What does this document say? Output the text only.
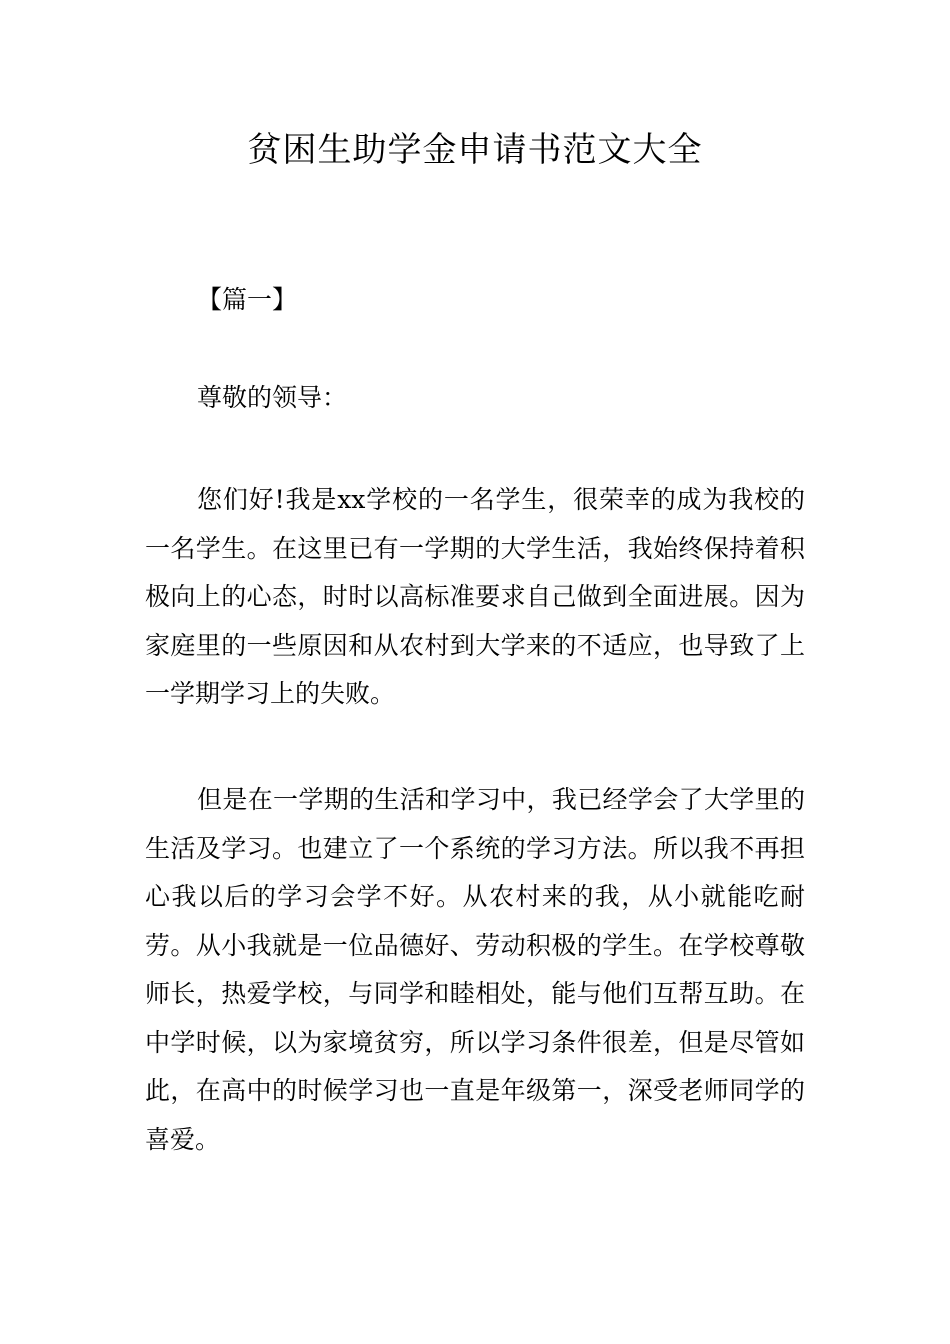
贫困生助学金申请书范文大全
【篇一】
尊敬的领导：

您们好!我是xx学校的一名学生，很荣幸的成为我校的一名学生。在这里已有一学期的大学生活，我始终保持着积极向上的心态，时时以高标准要求自己做到全面进展。因为家庭里的一些原因和从农村到大学来的不适应，也导致了上一学期学习上的失败。

但是在一学期的生活和学习中，我已经学会了大学里的生活及学习。也建立了一个系统的学习方法。所以我不再担心我以后的学习会学不好。从农村来的我，从小就能吃耐劳。从小我就是一位品德好、劳动积极的学生。在学校尊敬师长，热爱学校，与同学和睦相处，能与他们互帮互助。在中学时候，以为家境贫穷，所以学习条件很差，但是尽管如此，在高中的时候学习也一直是年级第一，深受老师同学的喜爱。
